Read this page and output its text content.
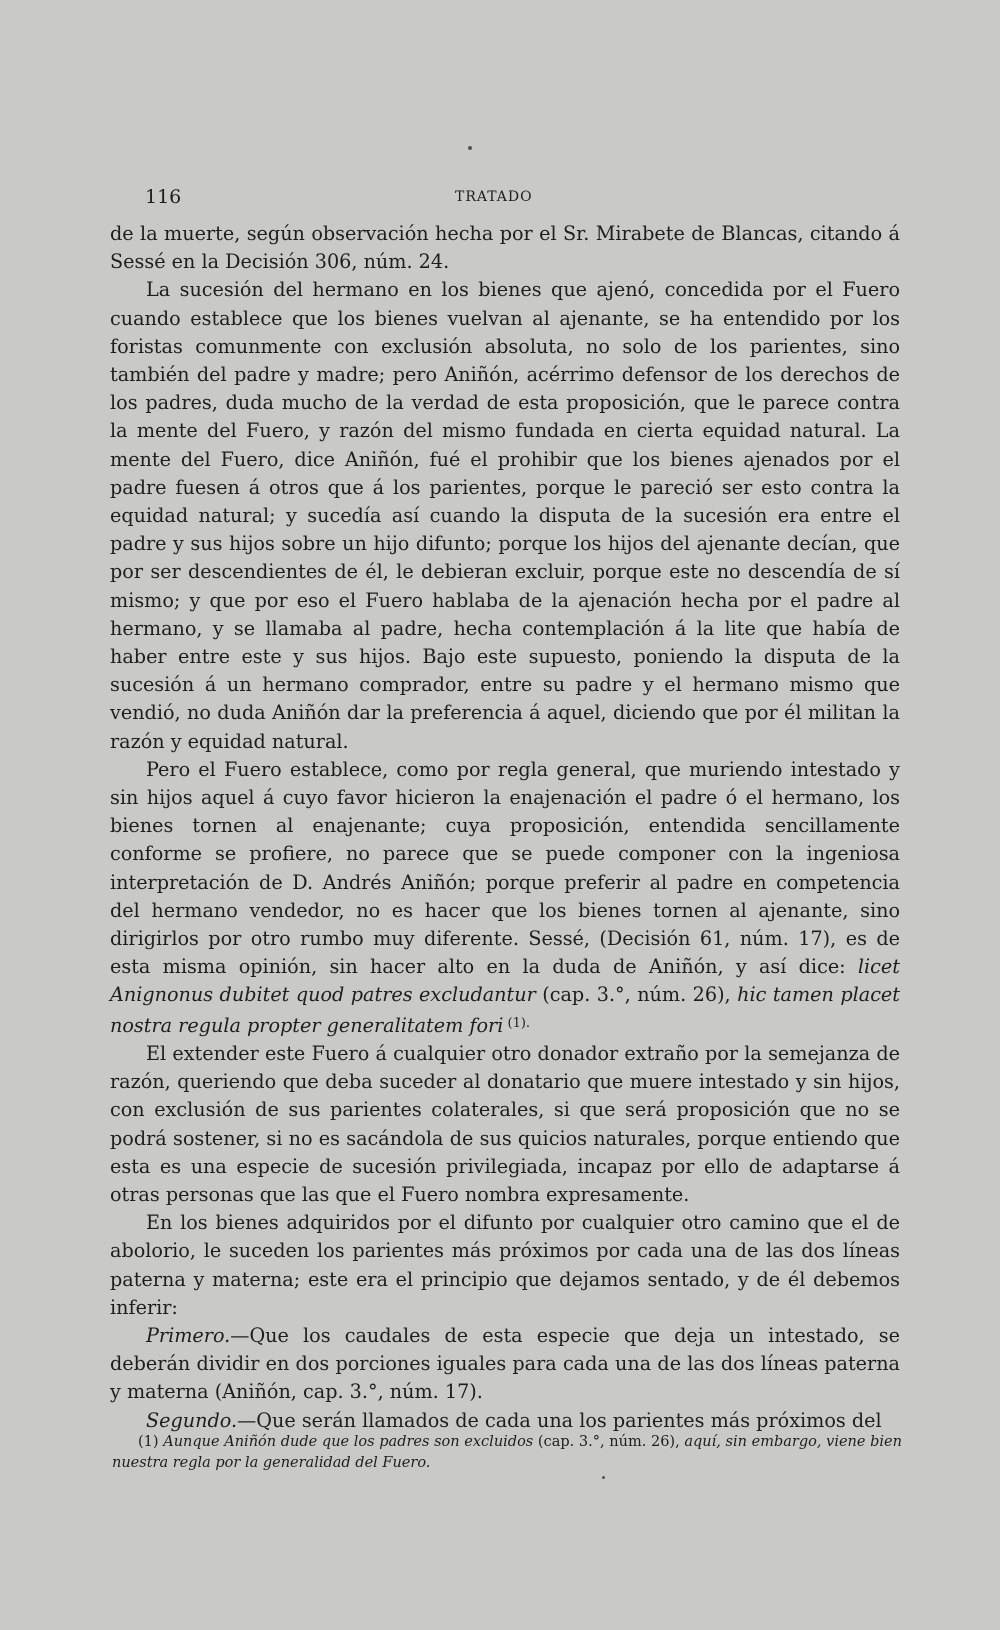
116	TRATADO

de la muerte, según observación hecha por el Sr. Mirabete de Blancas, citando á Sessé en la Decisión 306, núm. 24.

La sucesión del hermano en los bienes que ajenó, concedida por el Fuero cuando establece que los bienes vuelvan al ajenante, se ha entendido por los foristas comunmente con exclusión absoluta, no solo de los parientes, sino también del padre y madre; pero Aniñón, acérrimo defensor de los derechos de los padres, duda mucho de la verdad de esta proposición, que le parece contra la mente del Fuero, y razón del mismo fundada en cierta equidad natural. La mente del Fuero, dice Aniñón, fué el prohibir que los bienes ajenados por el padre fuesen á otros que á los parientes, porque le pareció ser esto contra la equidad natural; y sucedía así cuando la disputa de la sucesión era entre el padre y sus hijos sobre un hijo difunto; porque los hijos del ajenante decían, que por ser descendientes de él, le debieran excluir, porque este no descendía de sí mismo; y que por eso el Fuero hablaba de la ajenación hecha por el padre al hermano, y se llamaba al padre, hecha contemplación á la lite que había de haber entre este y sus hijos. Bajo este supuesto, poniendo la disputa de la sucesión á un hermano comprador, entre su padre y el hermano mismo que vendió, no duda Aniñón dar la preferencia á aquel, diciendo que por él militan la razón y equidad natural.

Pero el Fuero establece, como por regla general, que muriendo intestado y sin hijos aquel á cuyo favor hicieron la enajenación el padre ó el hermano, los bienes tornen al enajenante; cuya proposición, entendida sencillamente conforme se profiere, no parece que se puede componer con la ingeniosa interpretación de D. Andrés Aniñón; porque preferir al padre en competencia del hermano vendedor, no es hacer que los bienes tornen al ajenante, sino dirigirlos por otro rumbo muy diferente. Sessé, (Decisión 61, núm. 17), es de esta misma opinión, sin hacer alto en la duda de Aniñón, y así dice: licet Anignonus dubitet quod patres excludantur (cap. 3.°, núm. 26), hic tamen placet nostra regula propter generalitatem fori $^{(1).}$

El extender este Fuero á cualquier otro donador extraño por la semejanza de razón, queriendo que deba suceder al donatario que muere intestado y sin hijos, con exclusión de sus parientes colaterales, si que será proposición que no se podrá sostener, si no es sacándola de sus quicios naturales, porque entiendo que esta es una especie de sucesión privilegiada, incapaz por ello de adaptarse á otras personas que las que el Fuero nombra expresamente.

En los bienes adquiridos por el difunto por cualquier otro camino que el de abolorio, le suceden los parientes más próximos por cada una de las dos líneas paterna y materna; este era el principio que dejamos sentado, y de él debemos inferir:

Primero.—Que los caudales de esta especie que deja un intestado, se deberán dividir en dos porciones iguales para cada una de las dos líneas paterna y materna (Aniñón, cap. 3.°, núm. 17).

Segundo.—Que serán llamados de cada una los parientes más próximos del

(1) Aunque Aniñón dude que los padres son excluidos (cap. 3.°, núm. 26), aquí, sin embargo, viene bien nuestra regla por la generalidad del Fuero.
